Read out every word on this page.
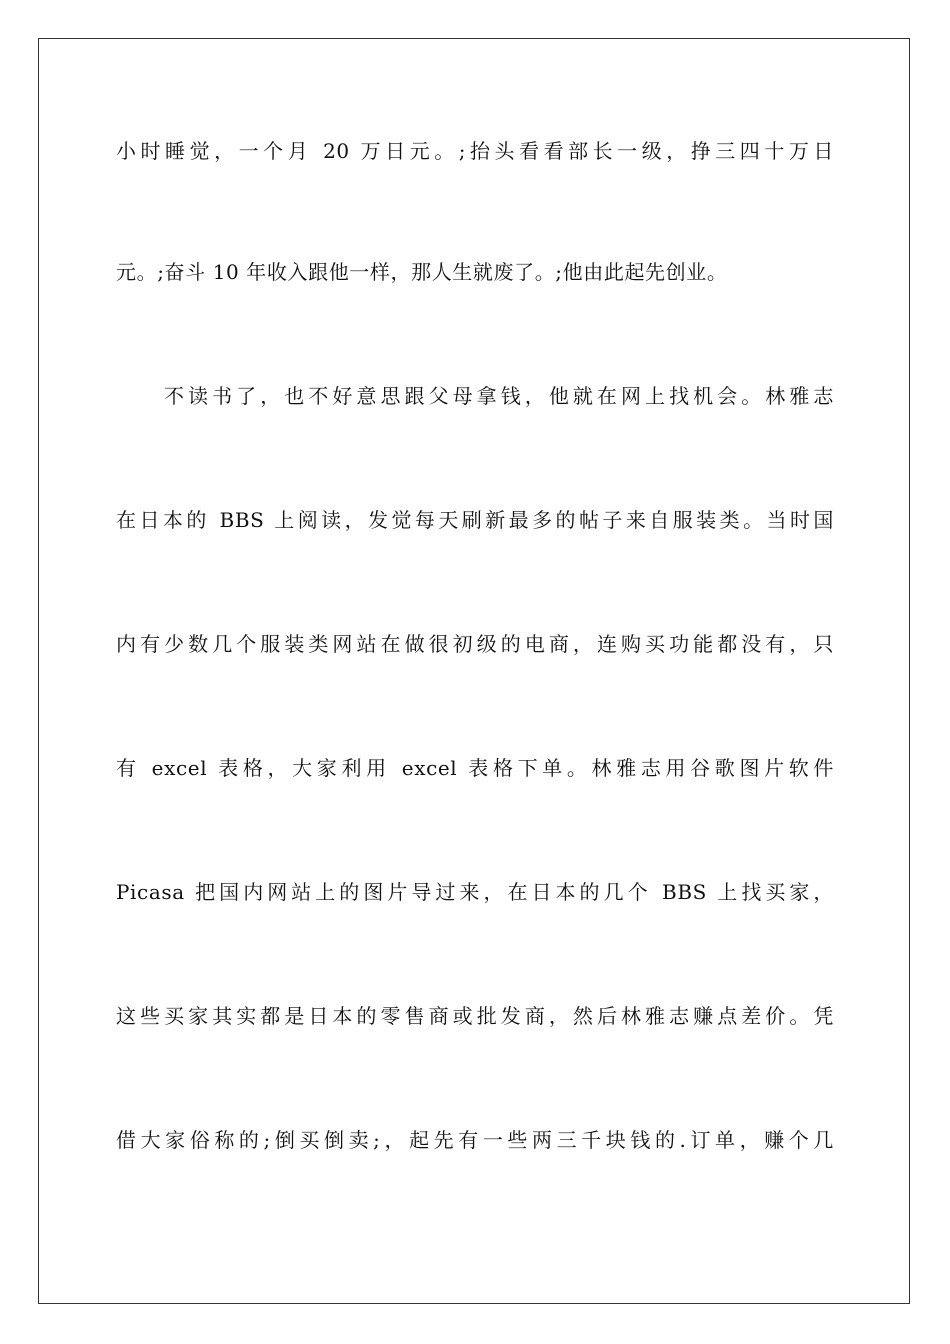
小时睡觉，一个月 20 万日元。;抬头看看部长一级，挣三四十万日
元。;奋斗 10 年收入跟他一样，那人生就废了。;他由此起先创业。
不读书了，也不好意思跟父母拿钱，他就在网上找机会。林雅志
在日本的 BBS 上阅读，发觉每天刷新最多的帖子来自服装类。当时国
内有少数几个服装类网站在做很初级的电商，连购买功能都没有，只
有 excel 表格，大家利用 excel 表格下单。林雅志用谷歌图片软件
Picasa 把国内网站上的图片导过来，在日本的几个 BBS 上找买家，
这些买家其实都是日本的零售商或批发商，然后林雅志赚点差价。凭
借大家俗称的;倒买倒卖;，起先有一些两三千块钱的.订单，赚个几
